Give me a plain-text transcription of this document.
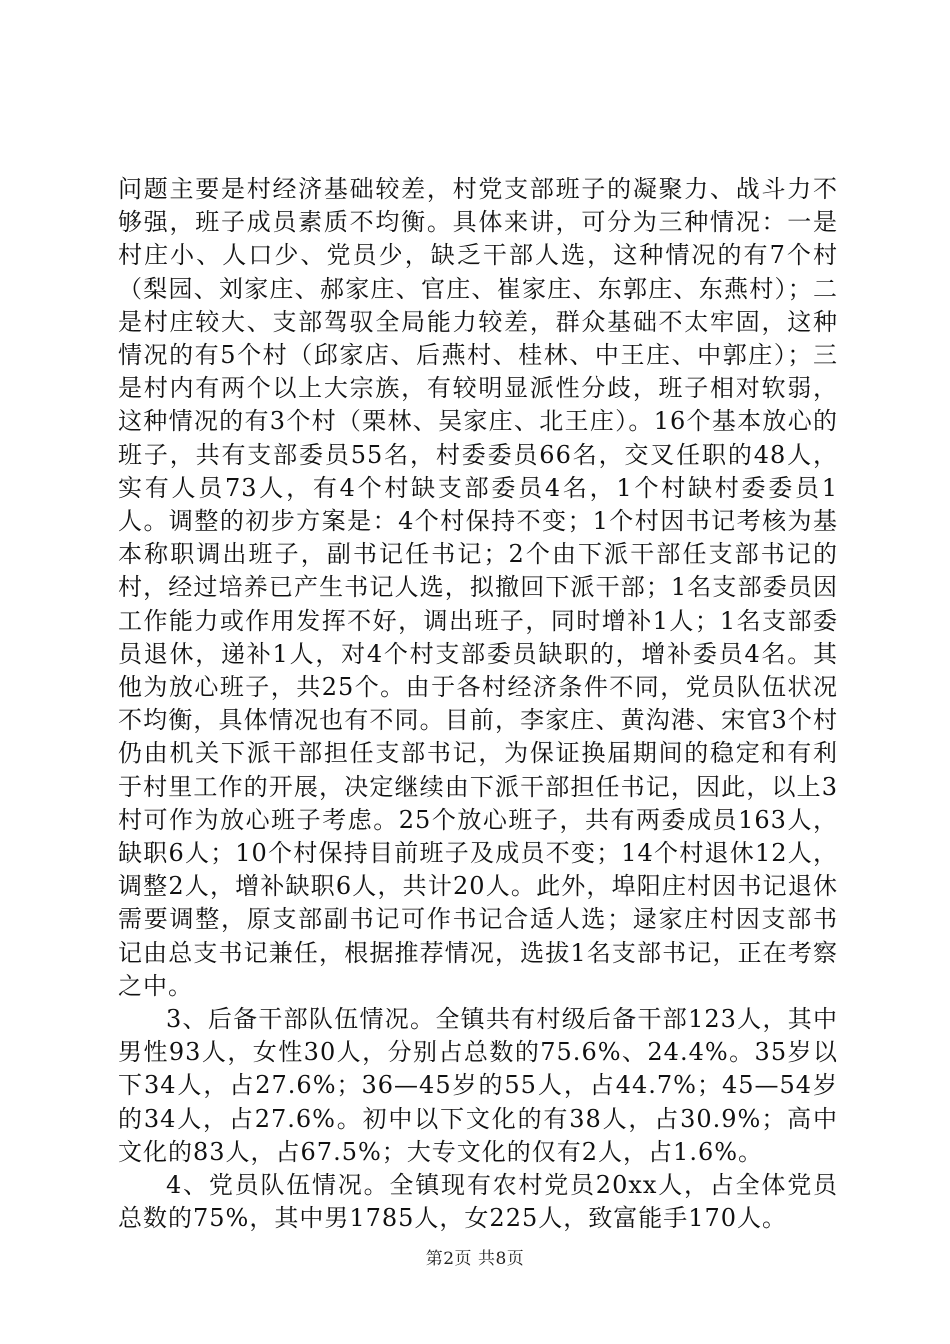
问题主要是村经济基础较差，村党支部班子的凝聚力、战斗力不够强，班子成员素质不均衡。具体来讲，可分为三种情况：一是村庄小、人口少、党员少，缺乏干部人选，这种情况的有7个村（梨园、刘家庄、郝家庄、官庄、崔家庄、东郭庄、东燕村）；二是村庄较大、支部驾驭全局能力较差，群众基础不太牢固，这种情况的有5个村（邱家店、后燕村、桂林、中王庄、中郭庄）；三是村内有两个以上大宗族，有较明显派性分歧，班子相对软弱，这种情况的有3个村（栗林、吴家庄、北王庄）。16个基本放心的班子，共有支部委员55名，村委委员66名，交叉任职的48人，实有人员73人，有4个村缺支部委员4名，1个村缺村委委员1人。调整的初步方案是：4个村保持不变；1个村因书记考核为基本称职调出班子，副书记任书记；2个由下派干部任支部书记的村，经过培养已产生书记人选，拟撤回下派干部；1名支部委员因工作能力或作用发挥不好，调出班子，同时增补1人；1名支部委员退休，递补1人，对4个村支部委员缺职的，增补委员4名。其他为放心班子，共25个。由于各村经济条件不同，党员队伍状况不均衡，具体情况也有不同。目前，李家庄、黄沟港、宋官3个村仍由机关下派干部担任支部书记，为保证换届期间的稳定和有利于村里工作的开展，决定继续由下派干部担任书记，因此，以上3村可作为放心班子考虑。25个放心班子，共有两委成员163人，缺职6人；10个村保持目前班子及成员不变；14个村退休12人，调整2人，增补缺职6人，共计20人。此外，埠阳庄村因书记退休需要调整，原支部副书记可作书记合适人选；逯家庄村因支部书记由总支书记兼任，根据推荐情况，选拔1名支部书记，正在考察之中。

3、后备干部队伍情况。全镇共有村级后备干部123人，其中男性93人，女性30人，分别占总数的75.6%、24.4%。35岁以下34人，占27.6%；36—45岁的55人，占44.7%；45—54岁的34人，占27.6%。初中以下文化的有38人，占30.9%；高中文化的83人，占67.5%；大专文化的仅有2人，占1.6%。

4、党员队伍情况。全镇现有农村党员20xx人，占全体党员总数的75%，其中男1785人，女225人，致富能手170人。

第2页 共8页
